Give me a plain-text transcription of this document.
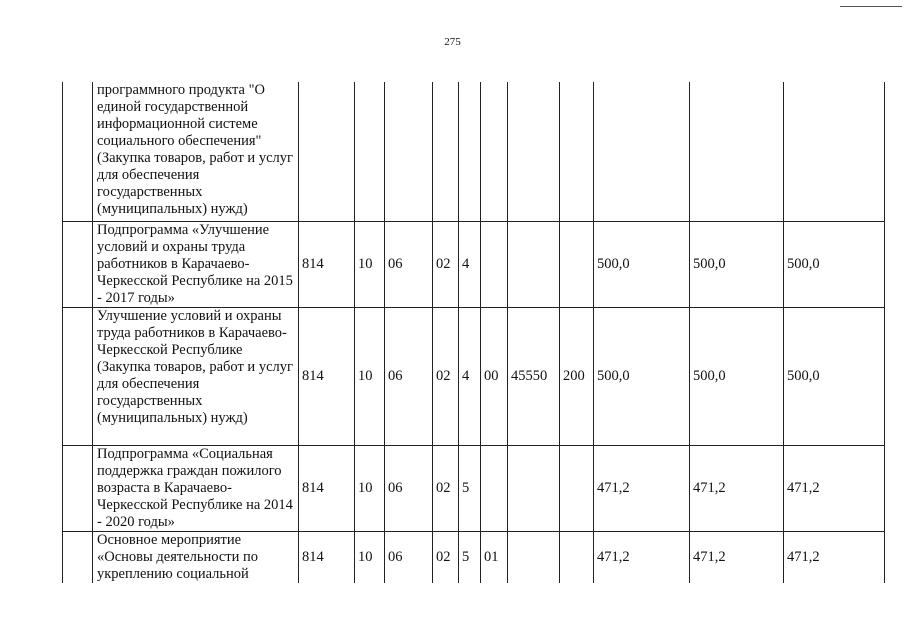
275
	программного продукта "О единой государственной информационной системе социального обеспечения" (Закупка товаров, работ и услуг для обеспечения государственных (муниципальных) нужд)											
	Подпрограмма «Улучшение условий и охраны труда работников в Карачаево-Черкесской Республике на 2015 - 2017 годы»	814	10	06	02	4				500,0	500,0	500,0
	Улучшение условий и охраны труда работников в Карачаево-Черкесской Республике (Закупка товаров, работ и услуг для обеспечения государственных (муниципальных) нужд)	814	10	06	02	4	00	45550	200	500,0	500,0	500,0
	Подпрограмма «Социальная поддержка граждан пожилого возраста в Карачаево-Черкесской Республике на 2014 - 2020 годы»	814	10	06	02	5				471,2	471,2	471,2
	Основное мероприятие «Основы деятельности по укреплению социальной	814	10	06	02	5	01			471,2	471,2	471,2
